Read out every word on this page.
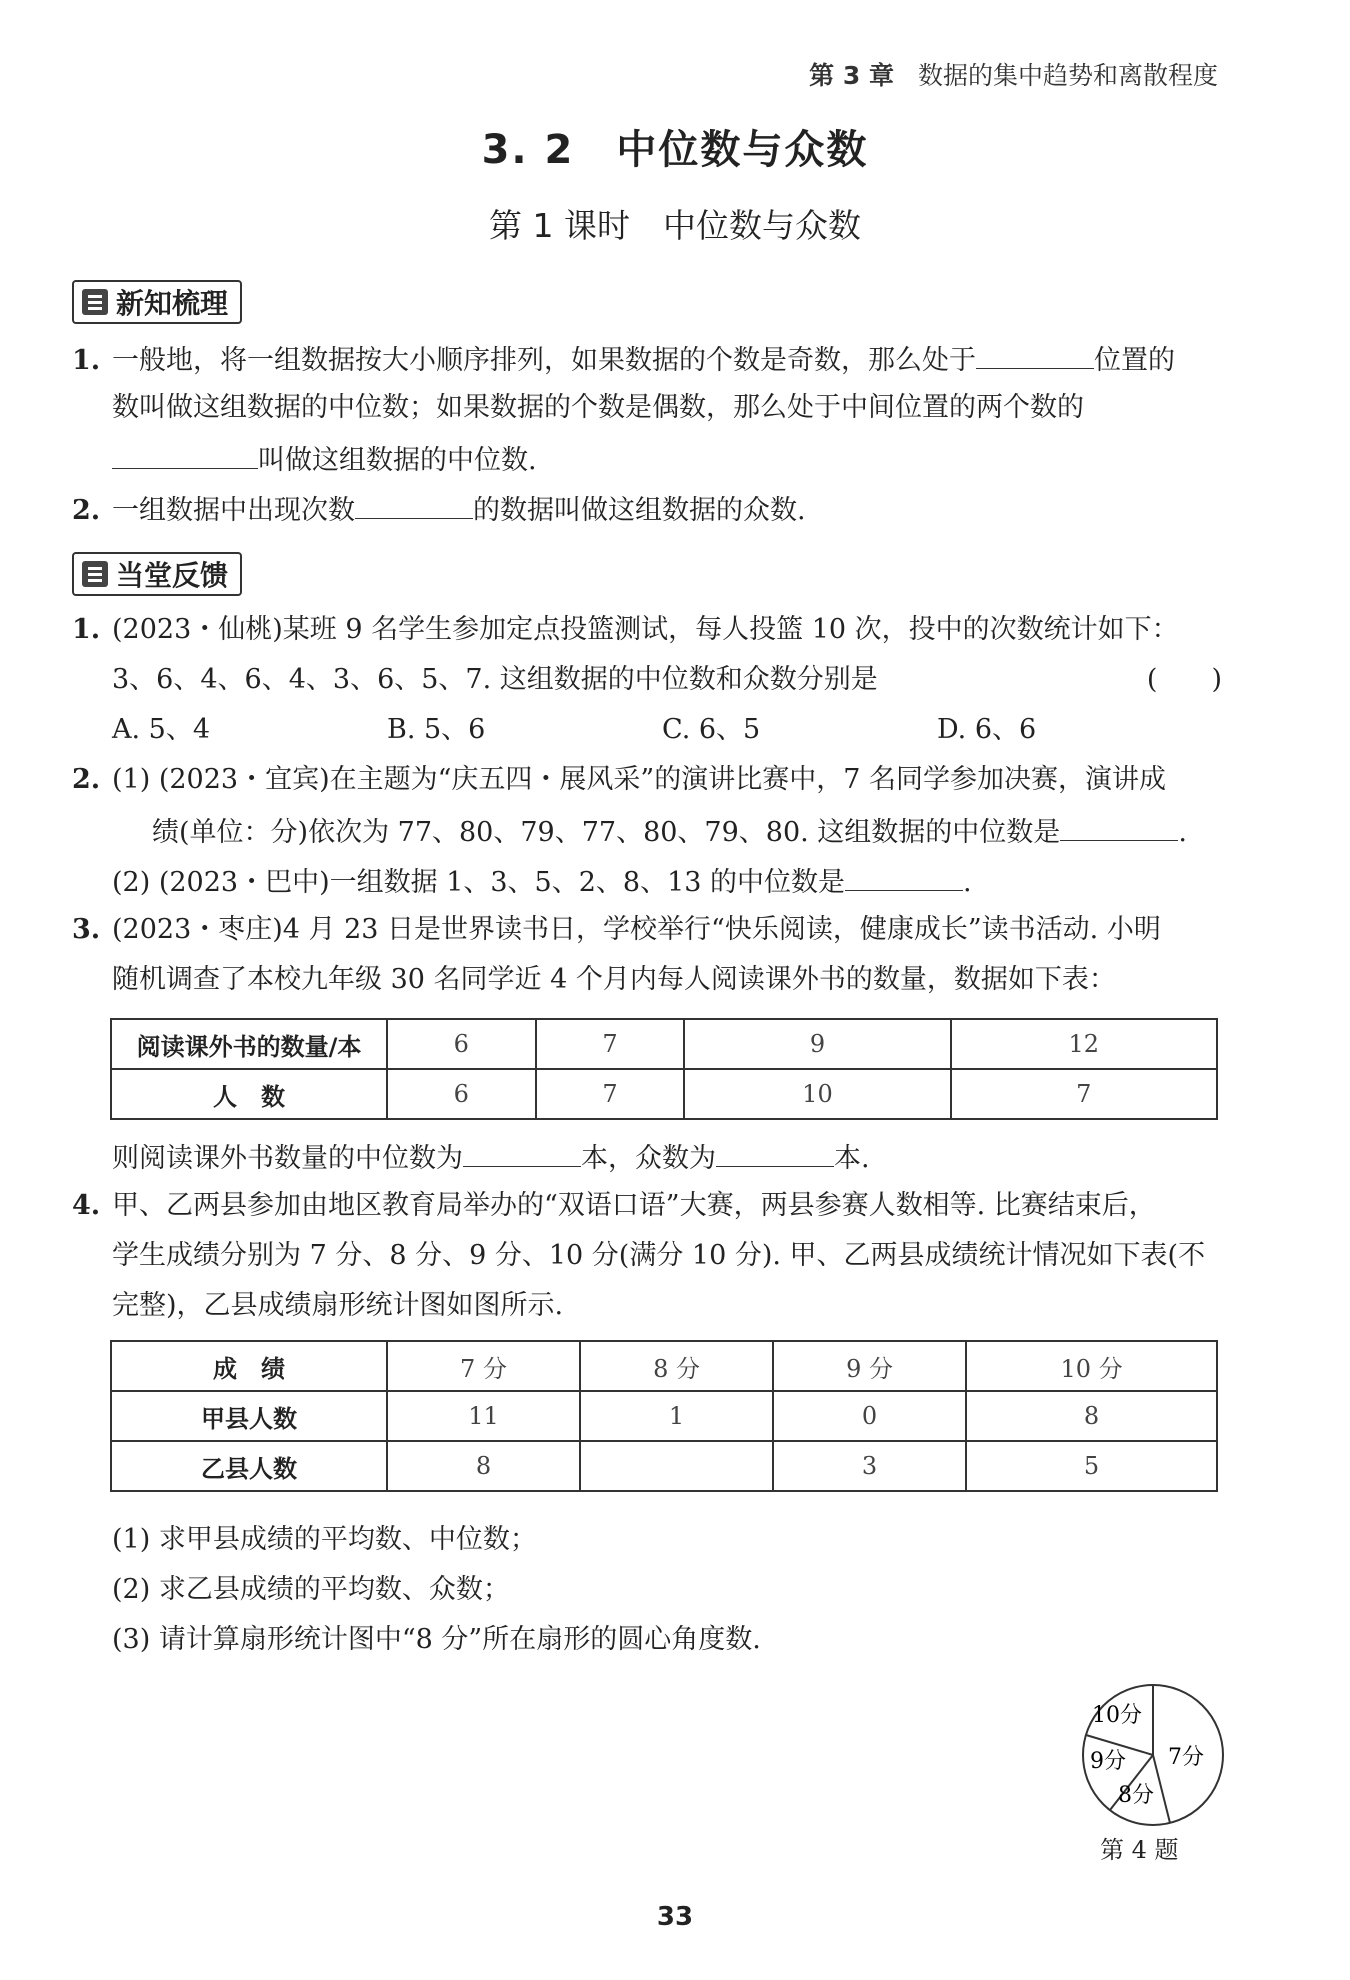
第 3 章 数据的集中趋势和离散程度
3. 2　中位数与众数
第 1 课时　中位数与众数
新知梳理
1. 一般地，将一组数据按大小顺序排列，如果数据的个数是奇数，那么处于	位置的
数叫做这组数据的中位数；如果数据的个数是偶数，那么处于中间位置的两个数的
叫做这组数据的中位数.
2. 一组数据中出现次数	的数据叫做这组数据的众数.
当堂反馈
1. (2023・仙桃)某班 9 名学生参加定点投篮测试，每人投篮 10 次，投中的次数统计如下：
3、6、4、6、4、3、6、5、7. 这组数据的中位数和众数分别是	(　　)
A. 5、4	B. 5、6	C. 6、5	D. 6、6
2. (1) (2023・宜宾)在主题为“庆五四・展风采”的演讲比赛中，7 名同学参加决赛，演讲成
绩(单位：分)依次为 77、80、79、77、80、79、80. 这组数据的中位数是	.
(2) (2023・巴中)一组数据 1、3、5、2、8、13 的中位数是	.
3. (2023・枣庄)4 月 23 日是世界读书日，学校举行“快乐阅读，健康成长”读书活动. 小明
随机调查了本校九年级 30 名同学近 4 个月内每人阅读课外书的数量，数据如下表：
阅读课外书的数量/本	6	7	9	12
人　数	6	7	10	7
则阅读课外书数量的中位数为	本，众数为	本.
4. 甲、乙两县参加由地区教育局举办的“双语口语”大赛，两县参赛人数相等. 比赛结束后，
学生成绩分别为 7 分、8 分、9 分、10 分(满分 10 分). 甲、乙两县成绩统计情况如下表(不
完整)，乙县成绩扇形统计图如图所示.
成　绩	7 分	8 分	9 分	10 分
甲县人数	11	1	0	8
乙县人数	8		3	5
(1) 求甲县成绩的平均数、中位数；
(2) 求乙县成绩的平均数、众数；
(3) 请计算扇形统计图中“8 分”所在扇形的圆心角度数.
10分
7分
9分
8分
第 4 题
33
